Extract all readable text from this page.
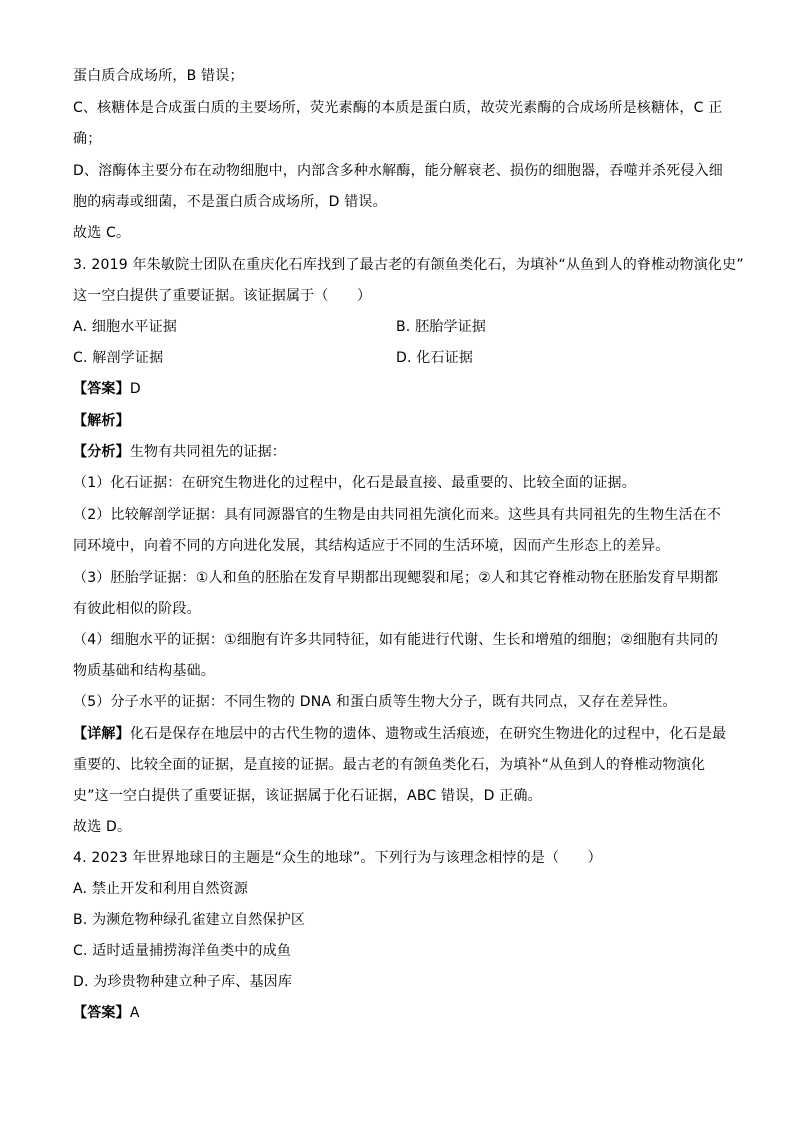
蛋白质合成场所，B 错误；
C、核糖体是合成蛋白质的主要场所，荧光素酶的本质是蛋白质，故荧光素酶的合成场所是核糖体，C 正
确；
D、溶酶体主要分布在动物细胞中，内部含多种水解酶，能分解衰老、损伤的细胞器，吞噬并杀死侵入细
胞的病毒或细菌，不是蛋白质合成场所，D 错误。
故选 C。
3. 2019 年朱敏院士团队在重庆化石库找到了最古老的有颌鱼类化石，为填补“从鱼到人的脊椎动物演化史”
这一空白提供了重要证据。该证据属于（　　）
A. 细胞水平证据	B. 胚胎学证据
C. 解剖学证据	D. 化石证据
【答案】D
【解析】
【分析】生物有共同祖先的证据：
（1）化石证据：在研究生物进化的过程中，化石是最直接、最重要的、比较全面的证据。
（2）比较解剖学证据：具有同源器官的生物是由共同祖先演化而来。这些具有共同祖先的生物生活在不
同环境中，向着不同的方向进化发展，其结构适应于不同的生活环境，因而产生形态上的差异。
（3）胚胎学证据：①人和鱼的胚胎在发育早期都出现鳃裂和尾；②人和其它脊椎动物在胚胎发育早期都
有彼此相似的阶段。
（4）细胞水平的证据：①细胞有许多共同特征，如有能进行代谢、生长和增殖的细胞；②细胞有共同的
物质基础和结构基础。
（5）分子水平的证据：不同生物的 DNA 和蛋白质等生物大分子，既有共同点，又存在差异性。
【详解】化石是保存在地层中的古代生物的遗体、遗物或生活痕迹，在研究生物进化的过程中，化石是最
重要的、比较全面的证据，是直接的证据。最古老的有颌鱼类化石，为填补“从鱼到人的脊椎动物演化
史”这一空白提供了重要证据，该证据属于化石证据，ABC 错误，D 正确。
故选 D。
4. 2023 年世界地球日的主题是“众生的地球”。下列行为与该理念相悖的是（　　）
A. 禁止开发和利用自然资源
B. 为濒危物种绿孔雀建立自然保护区
C. 适时适量捕捞海洋鱼类中的成鱼
D. 为珍贵物种建立种子库、基因库
【答案】A
